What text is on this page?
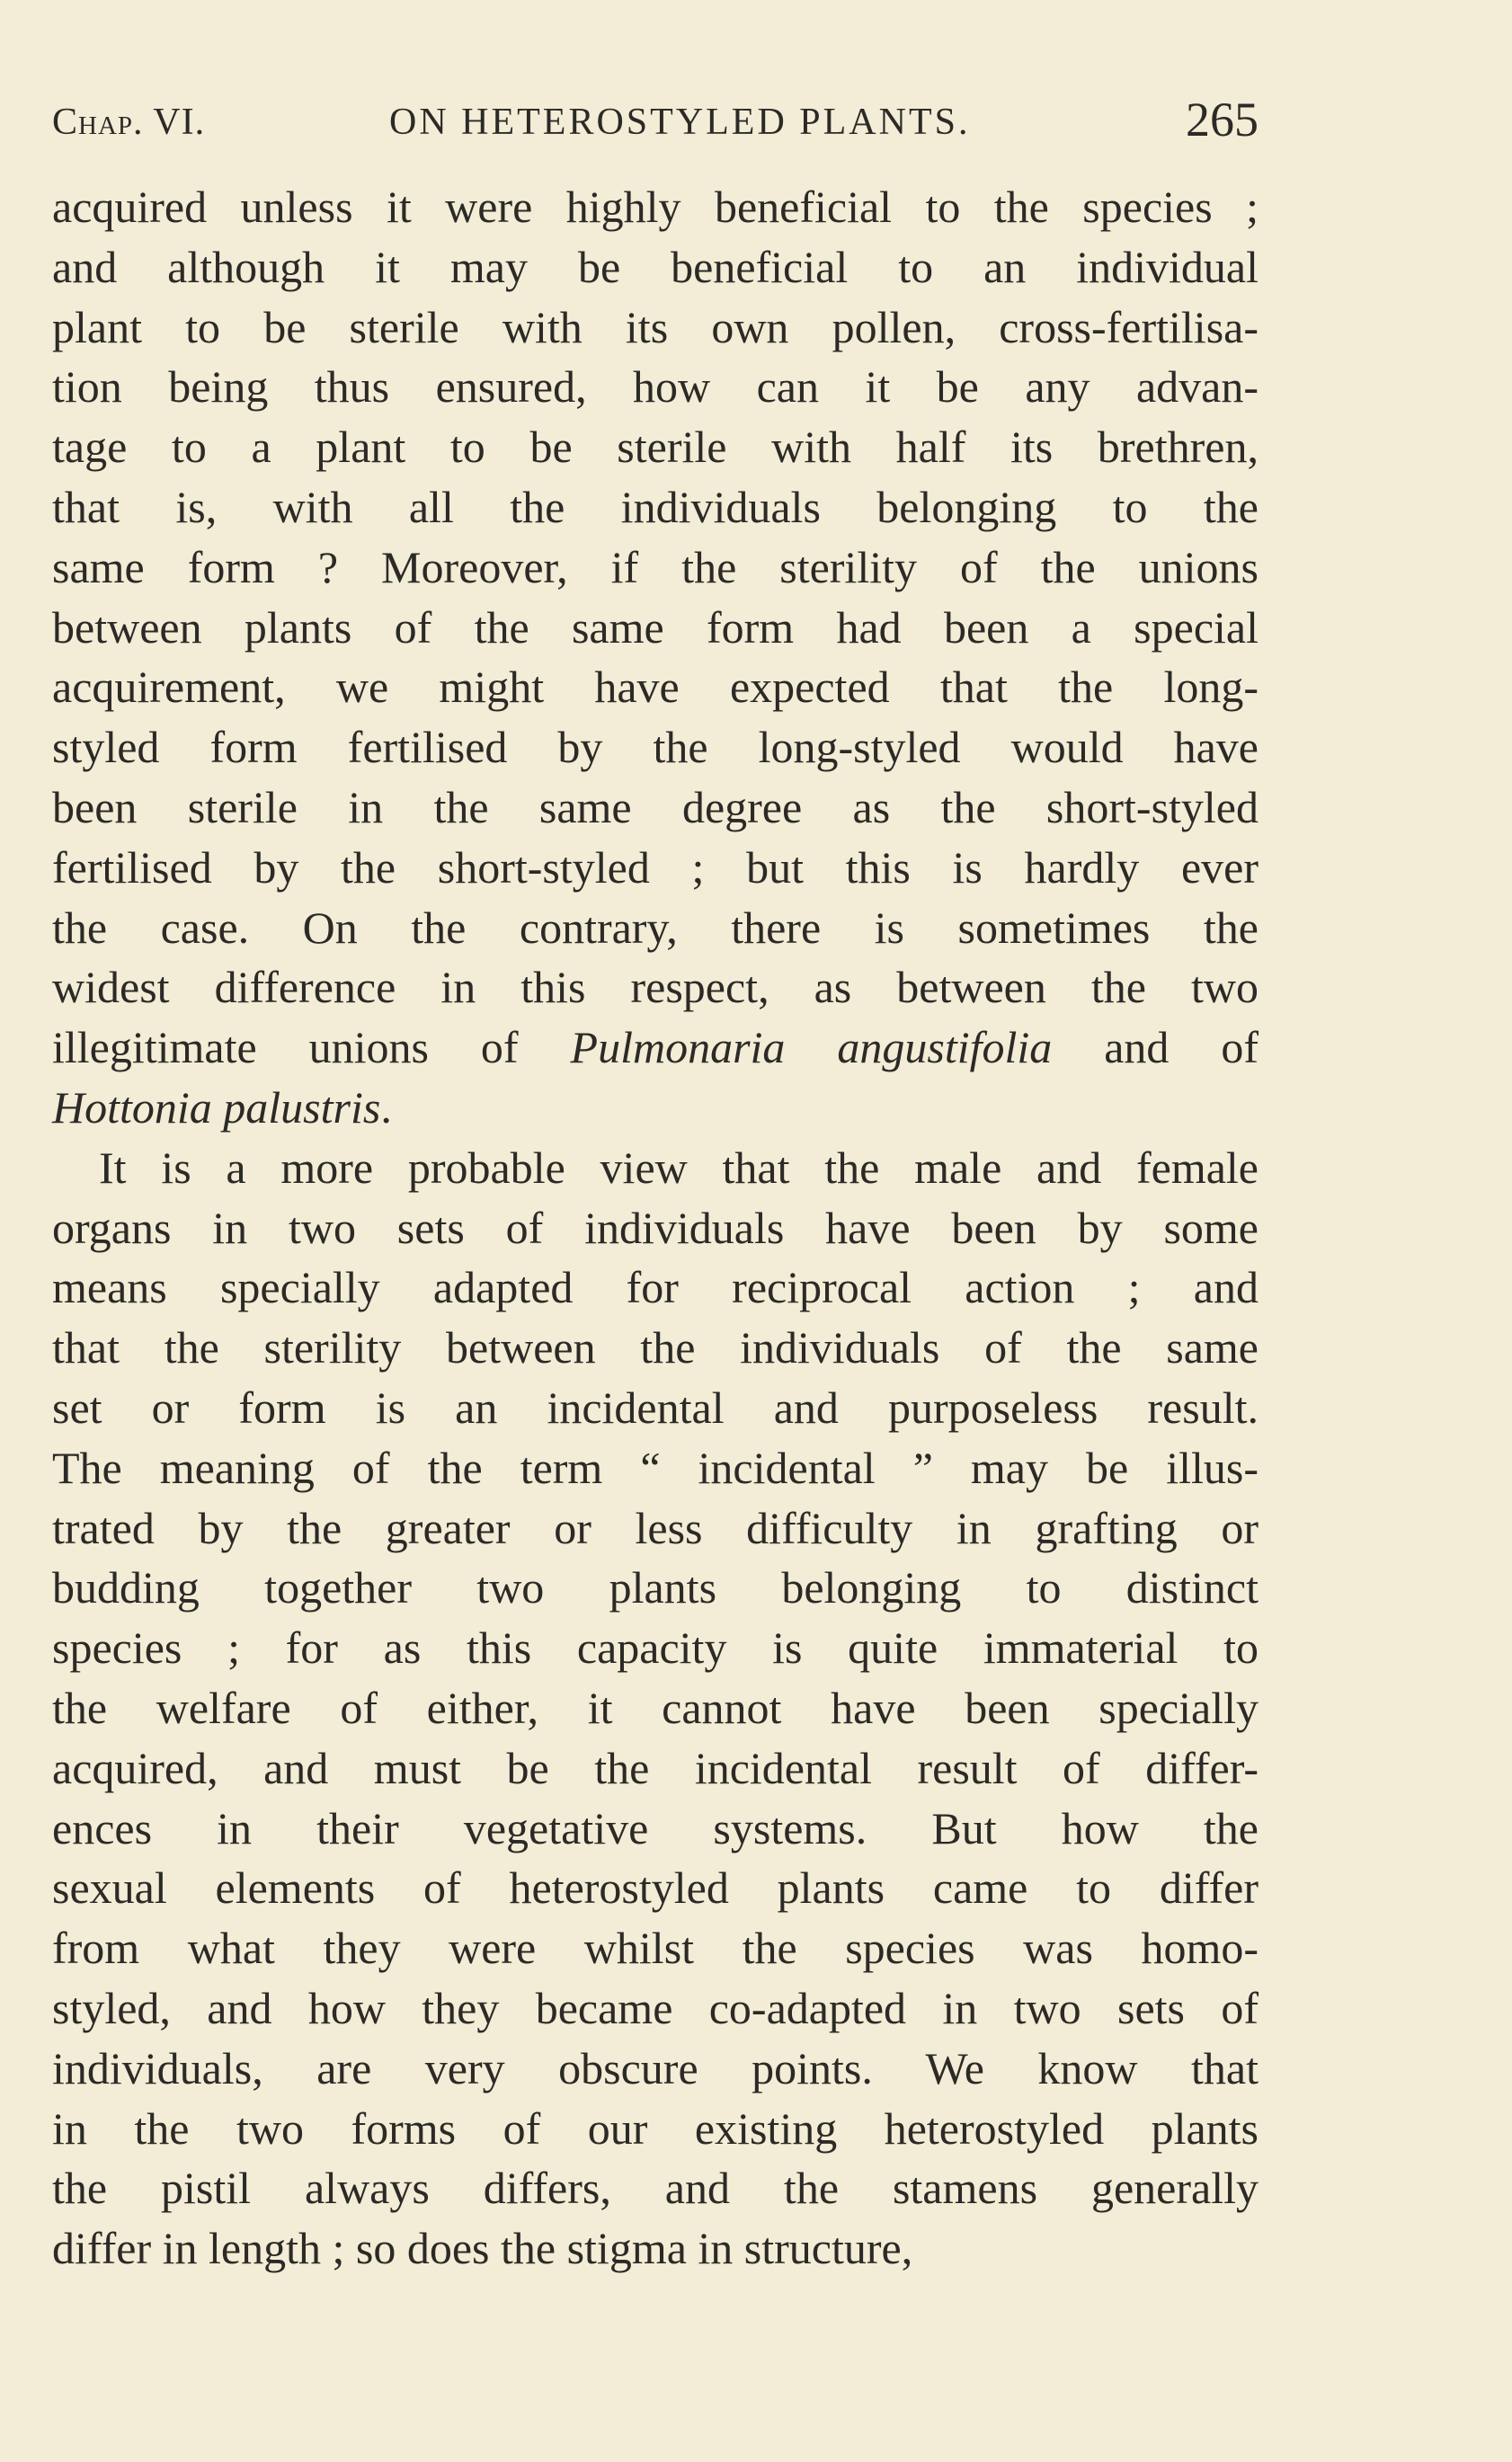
Chap. VI.	ON HETEROSTYLED PLANTS.	265
acquired unless it were highly beneficial to the species ;
and although it may be beneficial to an individual
plant to be sterile with its own pollen, cross-fertilisa-
tion being thus ensured, how can it be any advan-
tage to a plant to be sterile with half its brethren,
that is, with all the individuals belonging to the
same form ? Moreover, if the sterility of the unions
between plants of the same form had been a special
acquirement, we might have expected that the long-
styled form fertilised by the long-styled would have
been sterile in the same degree as the short-styled
fertilised by the short-styled ; but this is hardly ever
the case. On the contrary, there is sometimes the
widest difference in this respect, as between the two
illegitimate unions of Pulmonaria angustifolia and of
Hottonia palustris.
It is a more probable view that the male and female
organs in two sets of individuals have been by some
means specially adapted for reciprocal action ; and
that the sterility between the individuals of the same
set or form is an incidental and purposeless result.
The meaning of the term “ incidental ” may be illus-
trated by the greater or less difficulty in grafting or
budding together two plants belonging to distinct
species ; for as this capacity is quite immaterial to
the welfare of either, it cannot have been specially
acquired, and must be the incidental result of differ-
ences in their vegetative systems. But how the
sexual elements of heterostyled plants came to differ
from what they were whilst the species was homo-
styled, and how they became co-adapted in two sets of
individuals, are very obscure points. We know that
in the two forms of our existing heterostyled plants
the pistil always differs, and the stamens generally
differ in length ; so does the stigma in structure,
